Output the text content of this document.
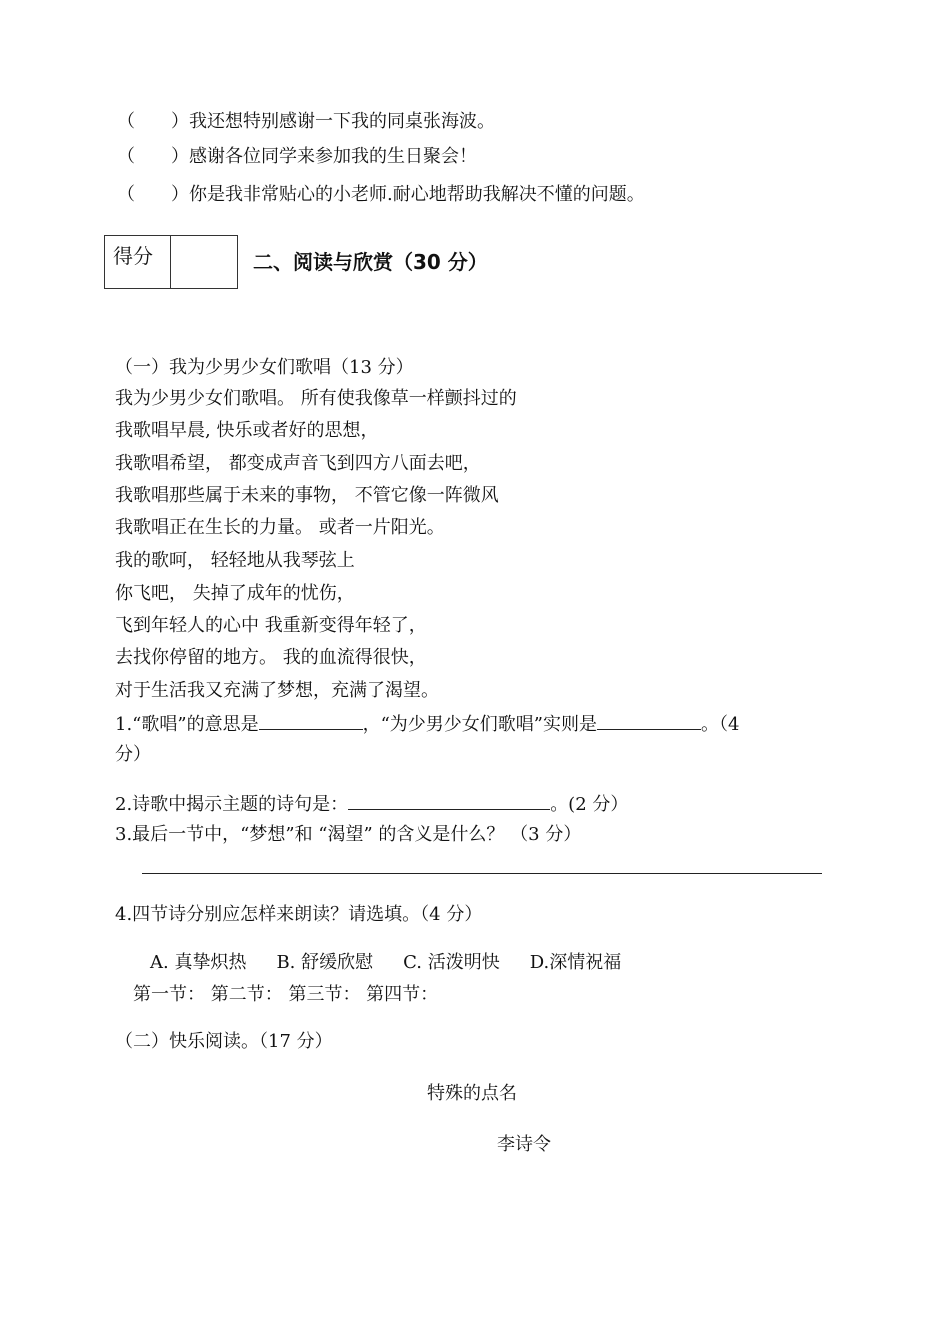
（　　）我还想特别感谢一下我的同桌张海波。
（　　）感谢各位同学来参加我的生日聚会！
（　　）你是我非常贴心的小老师.耐心地帮助我解决不懂的问题。
得分		二、阅读与欣赏（30 分）
（一）我为少男少女们歌唱（13 分）
我为少男少女们歌唱。 所有使我像草一样颤抖过的
我歌唱早晨, 快乐或者好的思想，
我歌唱希望， 都变成声音飞到四方八面去吧，
我歌唱那些属于未来的事物， 不管它像一阵微风
我歌唱正在生长的力量。 或者一片阳光。
我的歌呵， 轻轻地从我琴弦上
你飞吧， 失掉了成年的忧伤，
飞到年轻人的心中 我重新变得年轻了，
去找你停留的地方。 我的血流得很快，
对于生活我又充满了梦想，充满了渴望。
1.“歌唱”的意思是	，“为少男少女们歌唱”实则是	。（4
分）
2.诗歌中揭示主题的诗句是：	。(2 分）
3.最后一节中，“梦想”和 “渴望” 的含义是什么？ （3 分）
4.四节诗分别应怎样来朗读？请选填。（4 分）
A. 真挚炽热 B. 舒缓欣慰 C. 活泼明快 D.深情祝福
第一节： 第二节： 第三节： 第四节：
（二）快乐阅读。（17 分）
特殊的点名
李诗令
